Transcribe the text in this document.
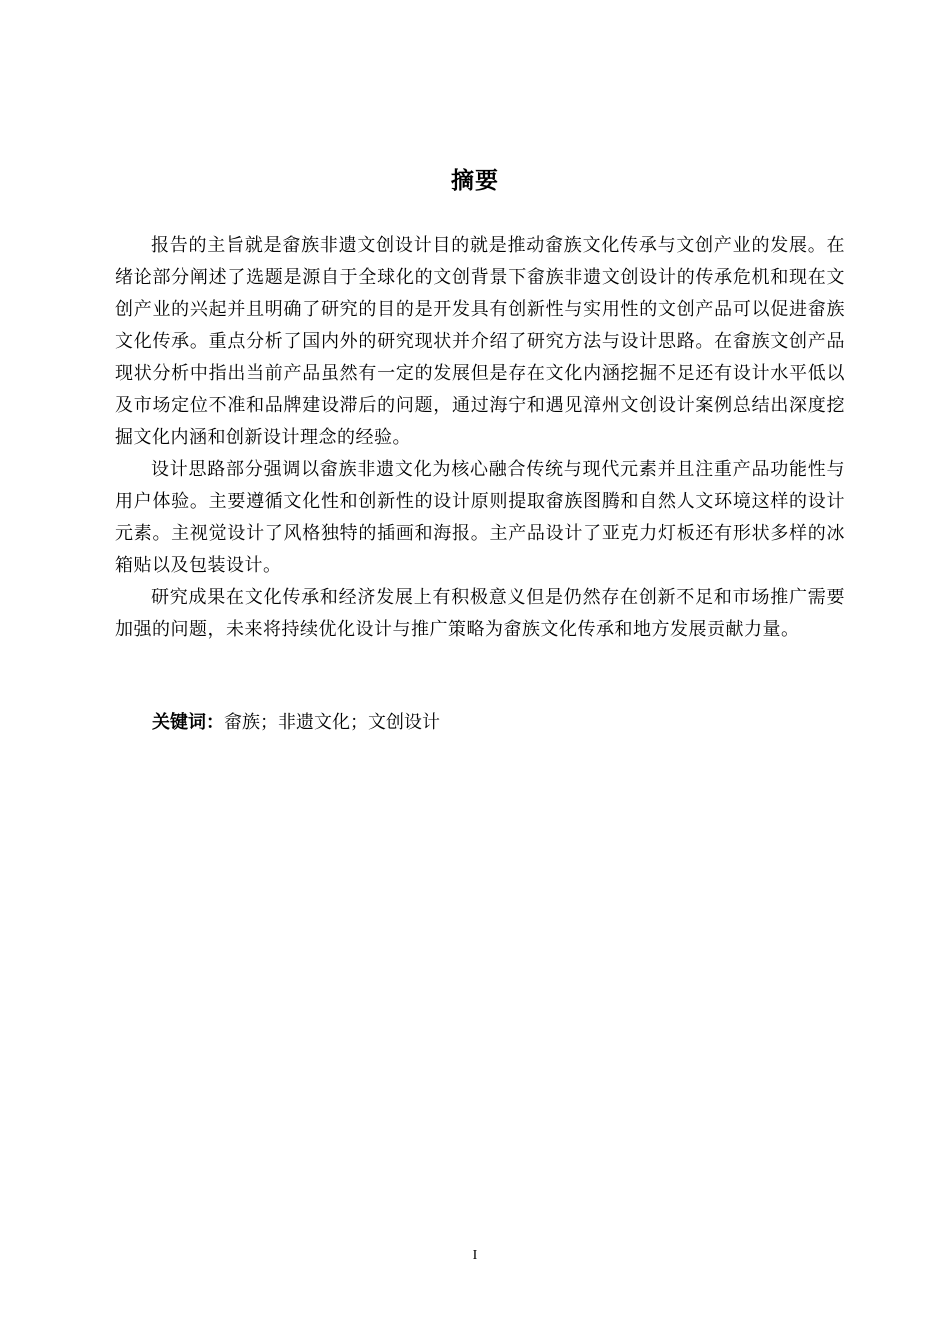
摘要

报告的主旨就是畲族非遗文创设计目的就是推动畲族文化传承与文创产业的发展。在绪论部分阐述了选题是源自于全球化的文创背景下畲族非遗文创设计的传承危机和现在文创产业的兴起并且明确了研究的目的是开发具有创新性与实用性的文创产品可以促进畲族文化传承。重点分析了国内外的研究现状并介绍了研究方法与设计思路。在畲族文创产品现状分析中指出当前产品虽然有一定的发展但是存在文化内涵挖掘不足还有设计水平低以及市场定位不准和品牌建设滞后的问题，通过海宁和遇见漳州文创设计案例总结出深度挖掘文化内涵和创新设计理念的经验。

设计思路部分强调以畲族非遗文化为核心融合传统与现代元素并且注重产品功能性与用户体验。主要遵循文化性和创新性的设计原则提取畲族图腾和自然人文环境这样的设计元素。主视觉设计了风格独特的插画和海报。主产品设计了亚克力灯板还有形状多样的冰箱贴以及包装设计。

研究成果在文化传承和经济发展上有积极意义但是仍然存在创新不足和市场推广需要加强的问题，未来将持续优化设计与推广策略为畲族文化传承和地方发展贡献力量。

关键词：畲族；非遗文化；文创设计
I
